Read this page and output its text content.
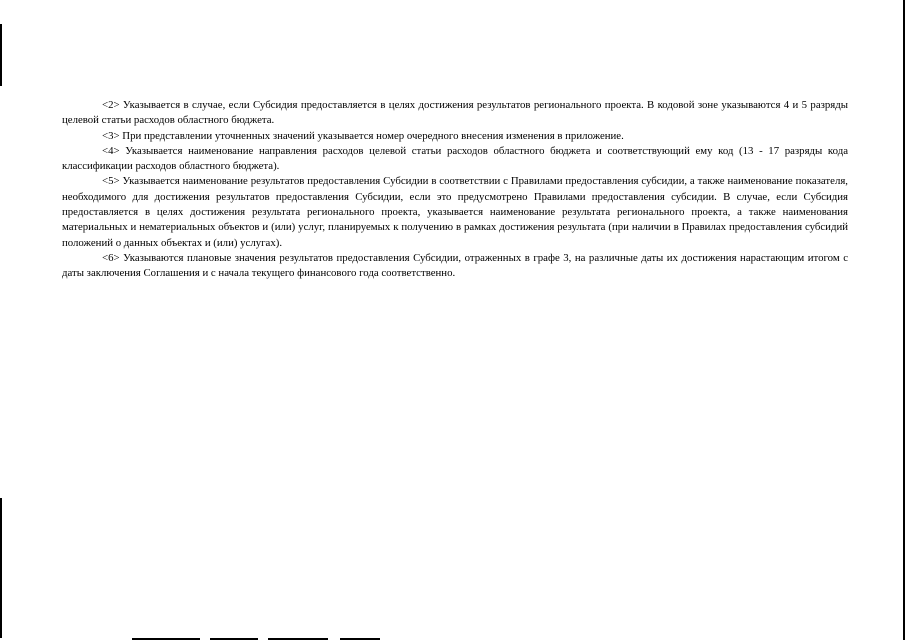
<2> Указывается в случае, если Субсидия предоставляется в целях достижения результатов регионального проекта. В кодовой зоне указываются 4 и 5 разряды целевой статьи расходов областного бюджета.

<3> При представлении уточненных значений указывается номер очередного внесения изменения в приложение.

<4> Указывается наименование направления расходов целевой статьи расходов областного бюджета и соответствующий ему код (13 - 17 разряды кода классификации расходов областного бюджета).

<5> Указывается наименование результатов предоставления Субсидии в соответствии с Правилами предоставления субсидии, а также наименование показателя, необходимого для достижения результатов предоставления Субсидии, если это предусмотрено Правилами предоставления субсидии. В случае, если Субсидия предоставляется в целях достижения результата регионального проекта, указывается наименование результата регионального проекта, а также наименования материальных и нематериальных объектов и (или) услуг, планируемых к получению в рамках достижения результата (при наличии в Правилах предоставления субсидий положений о данных объектах и (или) услугах).

<6> Указываются плановые значения результатов предоставления Субсидии, отраженных в графе 3, на различные даты их достижения нарастающим итогом с даты заключения Соглашения и с начала текущего финансового года соответственно.
